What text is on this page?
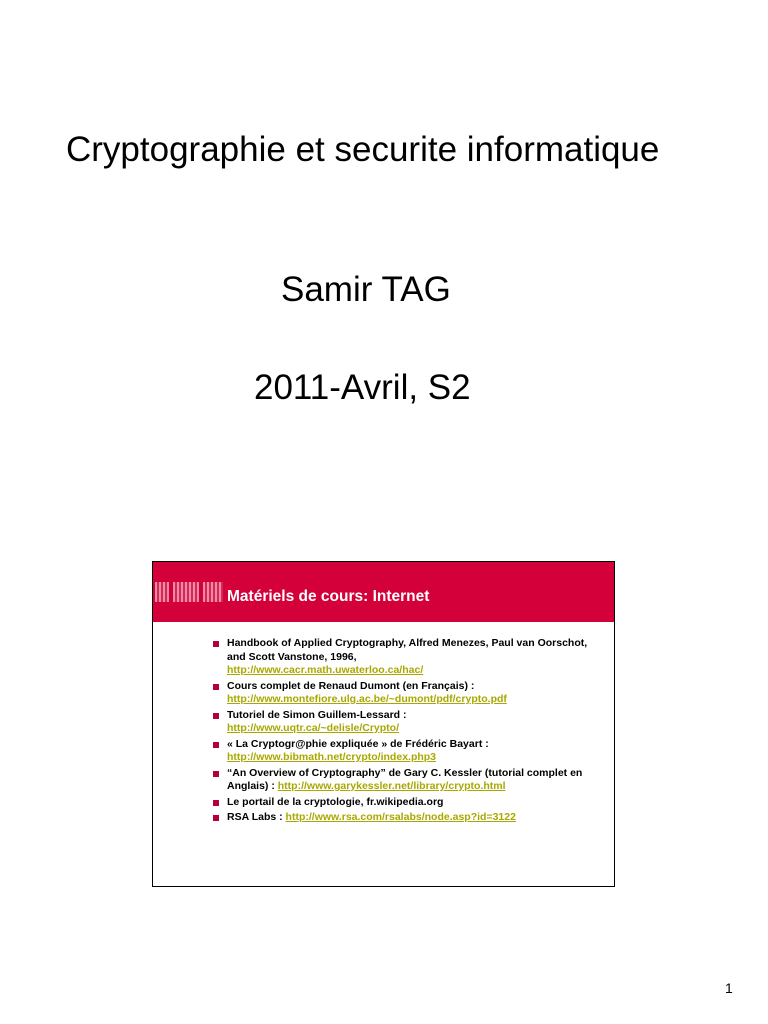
Cryptographie et securite informatique
Samir TAG
2011-Avril, S2
Matériels de cours: Internet
Handbook of Applied Cryptography, Alfred Menezes, Paul van Oorschot, and Scott Vanstone, 1996,
http://www.cacr.math.uwaterloo.ca/hac/
Cours complet de Renaud Dumont (en Français) :
http://www.montefiore.ulg.ac.be/~dumont/pdf/crypto.pdf
Tutoriel de Simon Guillem-Lessard :
http://www.uqtr.ca/~delisle/Crypto/
« La Cryptogr@phie expliquée » de Frédéric Bayart :
http://www.bibmath.net/crypto/index.php3
“An Overview of Cryptography” de Gary C. Kessler (tutorial complet en Anglais) : http://www.garykessler.net/library/crypto.html
Le portail de la cryptologie, fr.wikipedia.org
RSA Labs : http://www.rsa.com/rsalabs/node.asp?id=3122
1
